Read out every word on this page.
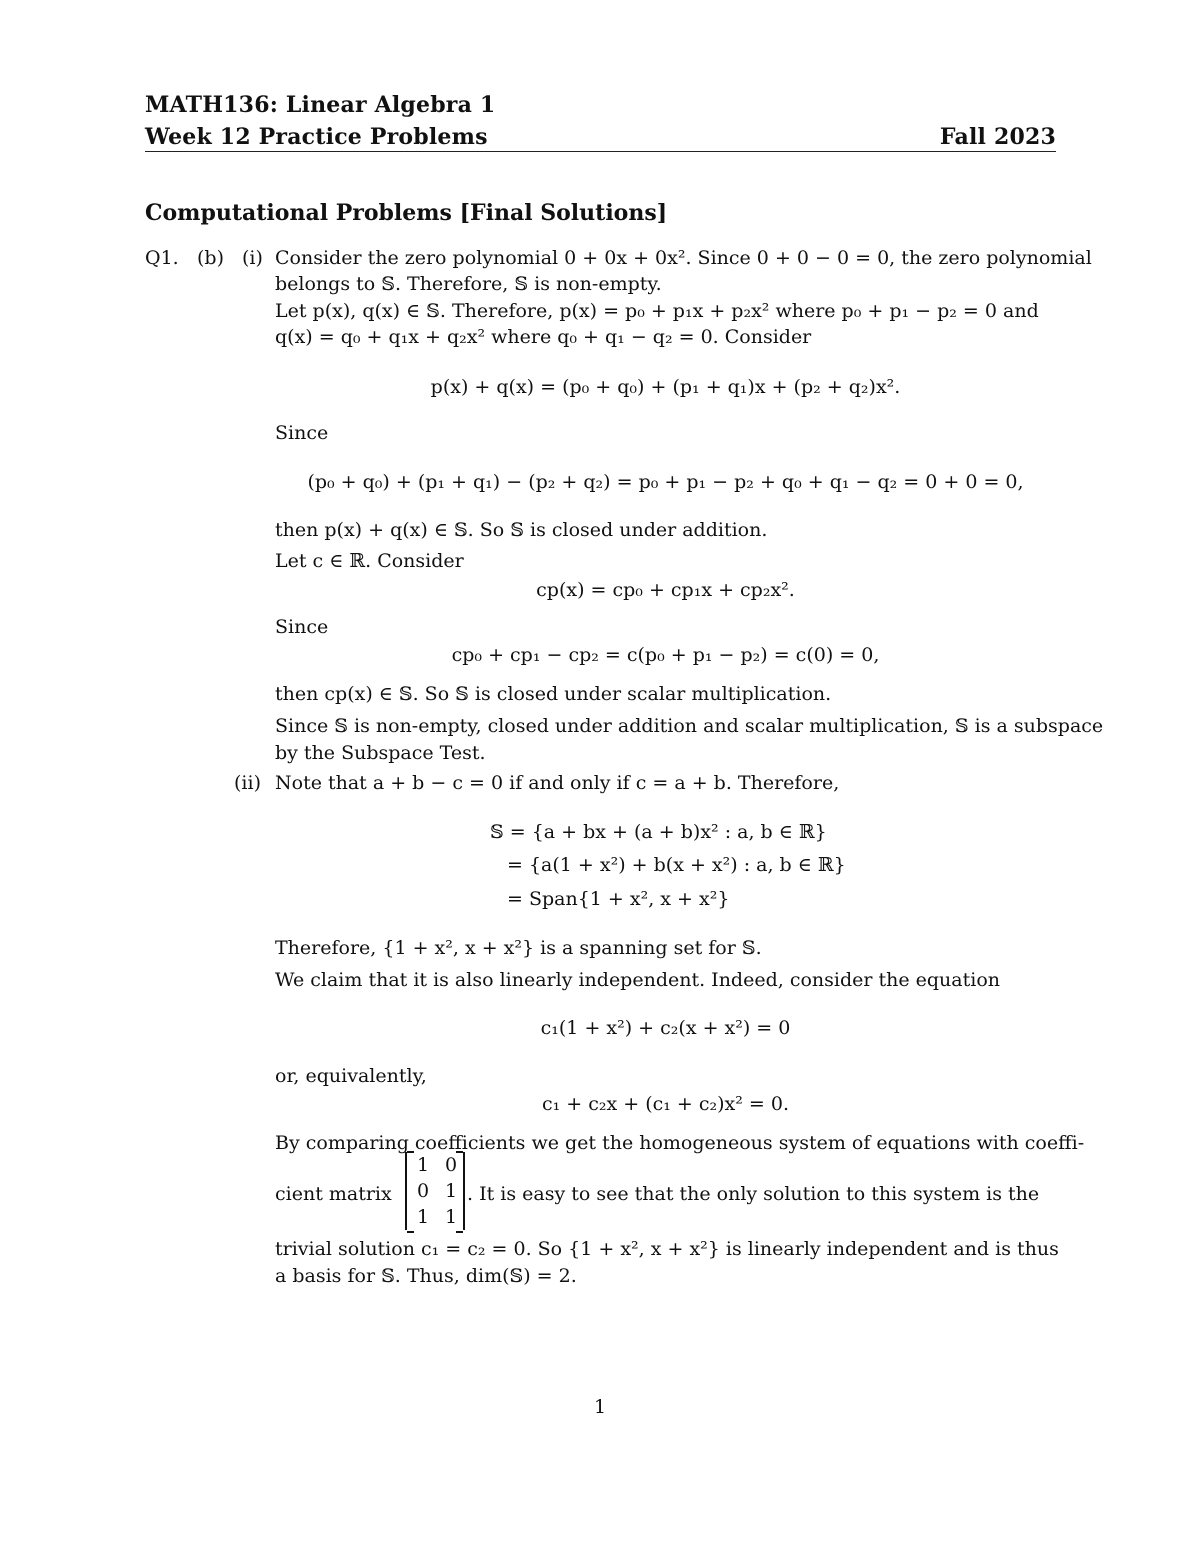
MATH136: Linear Algebra 1
Week 12 Practice Problems	Fall 2023
Computational Problems [Final Solutions]
Q1. (b) (i) Consider the zero polynomial 0 + 0x + 0x². Since 0 + 0 − 0 = 0, the zero polynomial
belongs to 𝕊. Therefore, 𝕊 is non-empty.
Let p(x), q(x) ∈ 𝕊. Therefore, p(x) = p₀ + p₁x + p₂x² where p₀ + p₁ − p₂ = 0 and
q(x) = q₀ + q₁x + q₂x² where q₀ + q₁ − q₂ = 0. Consider
p(x) + q(x) = (p₀ + q₀) + (p₁ + q₁)x + (p₂ + q₂)x².
Since
(p₀ + q₀) + (p₁ + q₁) − (p₂ + q₂) = p₀ + p₁ − p₂ + q₀ + q₁ − q₂ = 0 + 0 = 0,
then p(x) + q(x) ∈ 𝕊. So 𝕊 is closed under addition.
Let c ∈ ℝ. Consider
cp(x) = cp₀ + cp₁x + cp₂x².
Since
cp₀ + cp₁ − cp₂ = c(p₀ + p₁ − p₂) = c(0) = 0,
then cp(x) ∈ 𝕊. So 𝕊 is closed under scalar multiplication.
Since 𝕊 is non-empty, closed under addition and scalar multiplication, 𝕊 is a subspace
by the Subspace Test.
(ii) Note that a + b − c = 0 if and only if c = a + b. Therefore,
𝕊 = {a + bx + (a + b)x² : a, b ∈ ℝ}
= {a(1 + x²) + b(x + x²) : a, b ∈ ℝ}
= Span{1 + x², x + x²}
Therefore, {1 + x², x + x²} is a spanning set for 𝕊.
We claim that it is also linearly independent. Indeed, consider the equation
c₁(1 + x²) + c₂(x + x²) = 0
or, equivalently,
c₁ + c₂x + (c₁ + c₂)x² = 0.
By comparing coefficients we get the homogeneous system of equations with coeffi-
cient matrix
1 0
0 1
1 1
. It is easy to see that the only solution to this system is the
trivial solution c₁ = c₂ = 0. So {1 + x², x + x²} is linearly independent and is thus
a basis for 𝕊. Thus, dim(𝕊) = 2.
1
